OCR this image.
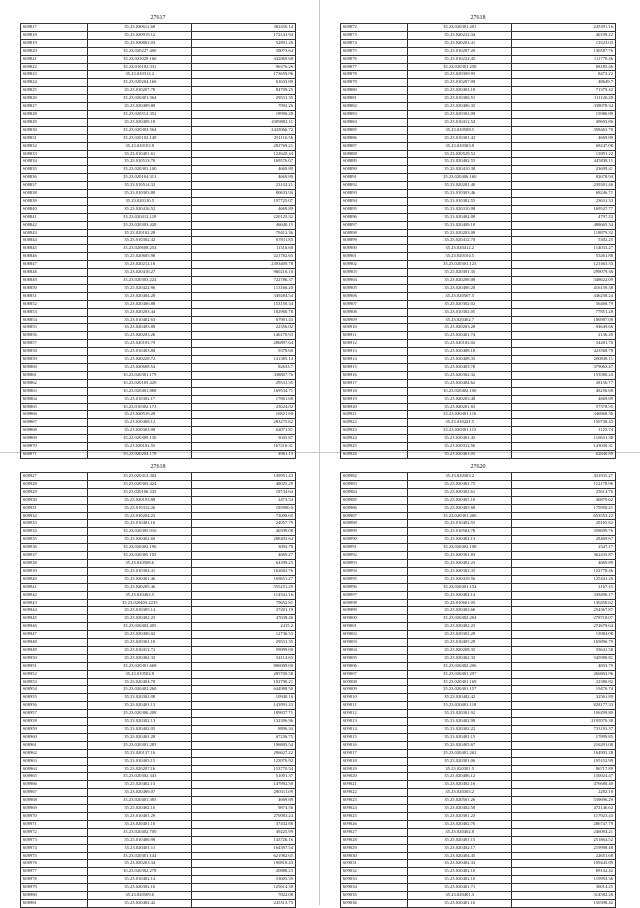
27617
608817	35.23.020612.68	382450.14
608818	35.23.020919.12	172141.94
608819	35.23.020802.03	52891.26
608820	35.23.020227.406	39073.64
608821	35.23.023029.166	442869.68
608822	35.23.010102.331	96376.26
608823	35.23.020312.2	173659.96
608824	35.23.020204.166	61633.89
608825	35.23.010207.78	84709.25
608826	35.23.020401.364	29531.35
608827	35.23.020409.80	7992.26
608828	35.23.020512.352	18996.28
608829	35.23.020409.18	4309802.11
608830	35.23.020303.564	2443066.72
608831	35.23.020102.149	251116.56
608832	35.23.020103.8	282769.21
608833	35.23.010401.61	122620.44
608834	35.23.010513.78	169576.07
608835	35.23.020301.100	4669.89
608836	35.23.020104.313	4669.89
608837	35.23.010514.32	23132.21
608838	35.23.010303.80	80633.94
608839	35.23.020110.5	197725.07
608840	35.23.020416.52	4669.89
608841	35.23.020412.118	220125.32
608842	35.23.020303.428	46640.15
608843	35.23.020102.28	79412.36
608844	35.23.010302.42	67811.83
608845	35.23.020608.254	11316.68
608846	35.23.020605.98	221782.65
608847	35.23.020212.10	2393409.78
608848	35.23.020416.27	960216.10
608849	35.23.020303.224	722786.37
608850	35.23.020422.90	113166.20
608851	35.23.020404.28	349284.54
608852	35.23.020406.88	153150.34
608853	35.23.020203.44	182960.78
608854	35.23.010402.63	67901.43
608855	35.23.020403.88	22356.02
608856	35.23.020203.26	146170.93
608857	35.23.020103.79	286897.64
608858	35.23.010403.88	9378.60
608859	35.23.020228.72	141385.14
608860	35.23.020608.54	82633.7
608861	35.23.020301.179	338807.76
608862	35.23.020105.429	29531.35
608863	35.23.020401.888	169534.71
608864	35.23.010302.17	17861.68
608865	35.23.010302.173	23624.02
608866	35.23.020516.28	16821.60
608867	35.23.020408.12	283275.62
608868	35.23.020303.08	62071.81
608869	35.23.020309.130	3045.87
608870	35.23.020102.55	167216.31
608871	35.23.020204.178	4961.13
27618
608872	35.23.020301.201	245391.16
608873	35.23.020222.34	46109.22
608874	35.23.020203.41	13523.03
608875	35.23.010207.20	130587.76
608876	35.23.010222.45	111778.46
608877	35.23.020301.258	68185.46
608878	35.23.020309.95	8473.22
608879	35.23.010207.09	48649.7
608880	35.23.020403.18	71379.42
608881	35.23.010306.51	111126.28
608882	35.23.020406.35	338078.34
608883	35.23.020302.09	15986.89
608884	35.23.010412.54	49693.86
608885	35.23.020508.5	358463.78
608886	35.23.010301.43	4669.89
608887	35.23.020303.8	68247.08
608888	35.23.020528.52	13991.22
608889	35.23.020402.55	445838.11
608890	35.23.020410.38	23699.41
608891	35.23.020406.160	82678.94
608892	35.23.020201.40	239381.46
608893	35.23.010303.46	68246.71
608894	35.23.010302.55	23631.33
608895	35.23.020310.08	169527.77
608896	35.23.020402.08	4797.23
608897	35.23.020408.10	488665.34
608898	35.23.020203.08	118879.32
608899	35.23.020412.70	5302.25
608900	35.23.020412.2	114033.27
608901	35.23.020104.5	55261.88
608902	35.23.020301.125	121463.33
608903	35.23.020301.35	299079.36
608904	35.23.020208.08	348622.09
608905	35.23.020406.20	416159.38
608906	35.23.020507.5	346258.24
608907	35.23.020302.02	56468.79
608908	35.23.010302.05	77851.28
608909	35.23.020402.7	186987.08
608910	35.23.020203.28	94649.66
608911	35.23.020401.74	2136.20
608912	35.23.020102.02	54281.70
608913	35.23.020408.18	423568.78
608914	35.23.020408.35	200838.11
608915	35.23.020403.78	379063.47
608916	35.23.020302.32	153580.24
608917	35.23.020404.62	38156.77
608918	35.23.020402.100	48256.68
608919	35.23.020203.48	4669.89
608920	35.23.020201.65	57378.55
608921	35.23.020401.116	346868.36
608922	35.23.020221.5	150738.43
608923	35.23.020301.115	1125.74
608924	35.23.020401.45	116631.38
608925	35.23.020312.56	143030.31
608926	35.23.020401.05	62840.89
27618
608927	35.23.020412.304	149951.43
608928	35.23.020303.424	48025.29
608929	35.23.020106.335	18734.64
608930	35.23.020103.88	2473.54
608931	35.23.010312.26	185900.0
608932	35.23.010204.23	73008.65
608933	35.23.010403.16	24057.79
608934	35.23.020305.016	46599.08
608935	35.23.020402.60	288492.64
608936	35.23.020402.196	3092.78
608937	35.23.020305.105	4669.27
608938	35.23.020508.6	64399.23
608939	35.23.010304.41	162682.76
608940	35.23.020401.46	169651.27
608941	35.23.020205.46	555251.29
608942	35.23.020402.5	114541.16
608943	35.23.020403.2235	79652.81
608944	35.23.010305.14	37201.19
608945	35.23.020402.25	47638.46
608946	35.23.020402.405	2415.2
608947	35.23.020406.02	12736.53
608948	35.23.020301.10	29531.35
608949	35.23.010412.72	59099.60
608950	35.23.020404.33	54114.65
608951	35.23.020301.668	806009.60
608952	35.23.010502.8	285700.58
608953	35.23.020404.70	102790.21
608954	35.23.020402.260	644988.50
608955	35.23.020302.08	10940.16
608956	35.23.020401.13	143991.23
608957	35.23.020306.208	189837.71
608958	35.23.020302.13	132396.96
608959	35.23.020402.05	8896.34
608960	35.23.020401.28	67236.75
608961	35.23.020301.285	196805.54
608962	35.23.020137.16	296627.22
608963	35.23.010403.15	123970.92
608964	35.23.020207.16	153770.54
608965	35.23.020302.343	51001.37
608966	35.23.020402.15	147892.50
608967	35.23.020406.07	280311.09
608968	35.23.020401.385	4669.89
608969	35.23.020402.10	9874.56
608970	35.23.010401.29	270983.24
608971	35.23.020401.10	37432.80
608972	35.23.020402.700	49225.99
608973	35.23.010406.98	143726.16
608974	35.23.020401.11	164397.54
608975	35.23.020301.144	621982.65
608976	35.23.020203.34	190818.43
608977	35.23.020302.278	20888.23
608978	35.23.010402.14	53605.39
608979	35.23.020302.16	125614.38
608980	35.23.020509.6	7822.08
608981	35.23.020402.42	245313.73
27620
608982	35.23.020303.2	431935.27
608983	35.23.020401.75	112178.96
608984	35.23.020302.61	25613.76
608985	35.23.020401.16	46879.62
608986	35.23.020405.68	175950.21
608987	35.23.020301.206	653553.22
608988	35.23.010402.55	29165.62
608989	35.23.010504.78	358699.76
608990	35.23.020402.13	28469.67
608991	35.23.020402.108	2347.17
608992	35.23.020301.83	362435.87
608993	35.23.020402.23	4669.89
608994	35.23.020302.35	152778.46
608995	35.23.020410.56	125441.26
608996	35.23.020401.154	1167.15
608997	35.23.020402.14	339490.17
608998	35.23.010601.05	130458.62
608999	35.23.020402.66	254367.87
609000	35.23.020402.204	278718.07
609001	35.23.020402.25	272679.64
609002	35.23.020302.20	13984.08
609003	35.23.010405.28	165896.79
609004	35.23.020208.35	33641.58
609005	35.23.020402.33	345980.81
609006	35.23.020402.206	4833.79
609007	35.23.020401.297	266863.96
609008	35.23.020401.169	22386.82
609009	35.23.020401.157	19476.74
609010	35.23.020402.42	32561.89
609011	35.23.020401.118	828177.33
609012	35.23.020301.92	106299.80
609013	35.23.020402.98	2195970.38
609014	35.23.020302.22	733193.37
609015	35.23.020401.15	17899.85
609016	35.23.020405.67	216291.08
609017	35.23.020401.262	164993.28
609018	35.23.020301.06	105152.99
609019	35.23.020301.5	86717.89
609020	35.23.020406.12	150024.47
609021	35.23.020402.16	476680.40
609022	35.23.020303.2	2282.10
609023	35.23.020501.26	539696.29
609024	35.23.020402.58	472146.62
609025	35.23.020301.23	117923.43
609026	35.23.020402.76	286747.79
609027	35.23.020402.8	246094.21
609028	35.23.020401.15	251864.52
609029	35.23.020402.17	219998.48
609030	35.23.020404.45	22651.68
609031	35.23.020402.33	109443.89
609032	35.23.020402.10	89142.42
609033	35.23.020402.10	119993.36
609034	35.23.020401.71	36014.25
609035	35.23.020401.3	314582.26
609036	35.23.020401.16	150398.42
